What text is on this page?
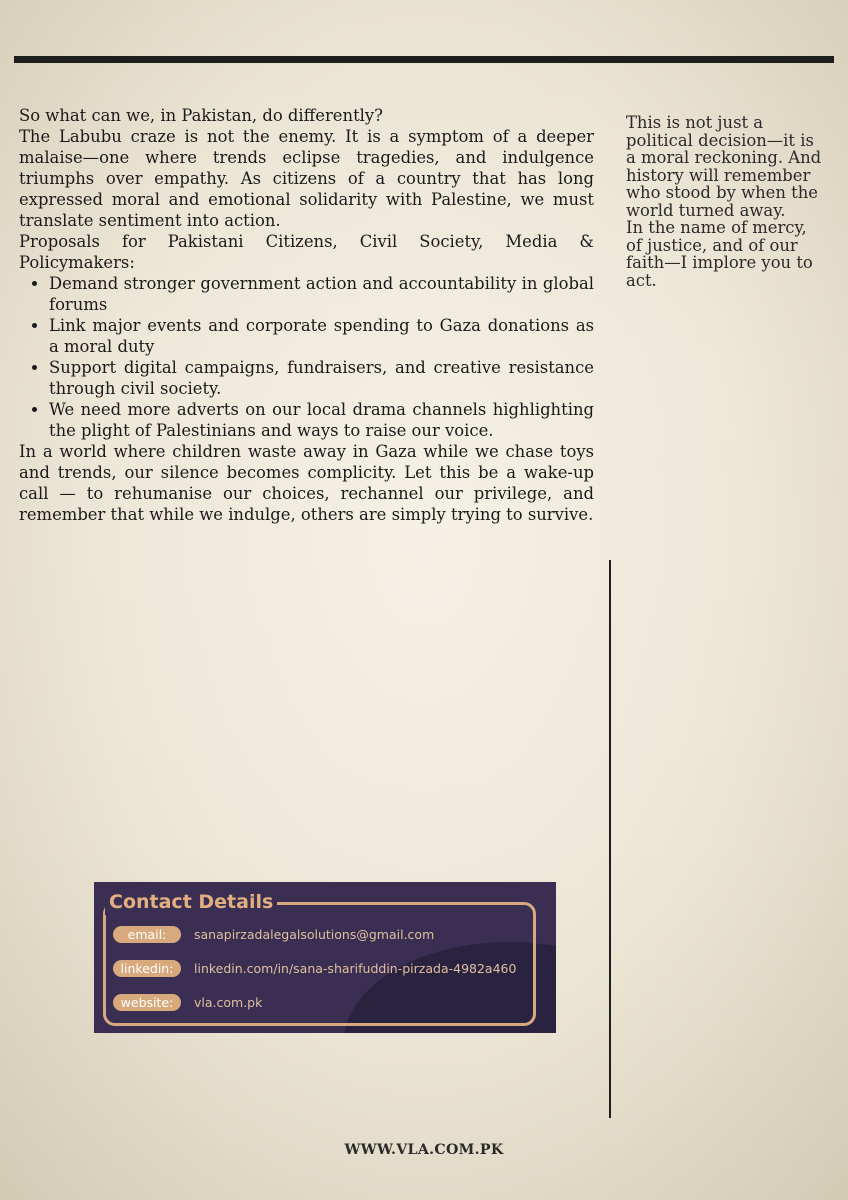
So what can we, in Pakistan, do differently?

The Labubu craze is not the enemy. It is a symptom of a deeper malaise—one where trends eclipse tragedies, and indulgence triumphs over empathy. As citizens of a country that has long expressed moral and emotional solidarity with Palestine, we must translate sentiment into action.

Proposals for Pakistani Citizens, Civil Society, Media & Policymakers:

• Demand stronger government action and accountability in global forums
• Link major events and corporate spending to Gaza donations as a moral duty
• Support digital campaigns, fundraisers, and creative resistance through civil society.
• We need more adverts on our local drama channels highlighting the plight of Palestinians and ways to raise our voice.

In a world where children waste away in Gaza while we chase toys and trends, our silence becomes complicity. Let this be a wake-up call — to rehumanise our choices, rechannel our privilege, and remember that while we indulge, others are simply trying to survive.

This is not just a political decision—it is a moral reckoning. And history will remember who stood by when the world turned away.

In the name of mercy, of justice, and of our faith—I implore you to act.

Contact Details
email:	sanapirzadalegalsolutions@gmail.com
linkedin:	linkedin.com/in/sana-sharifuddin-pirzada-4982a460
website:	vla.com.pk
WWW.VLA.COM.PK
